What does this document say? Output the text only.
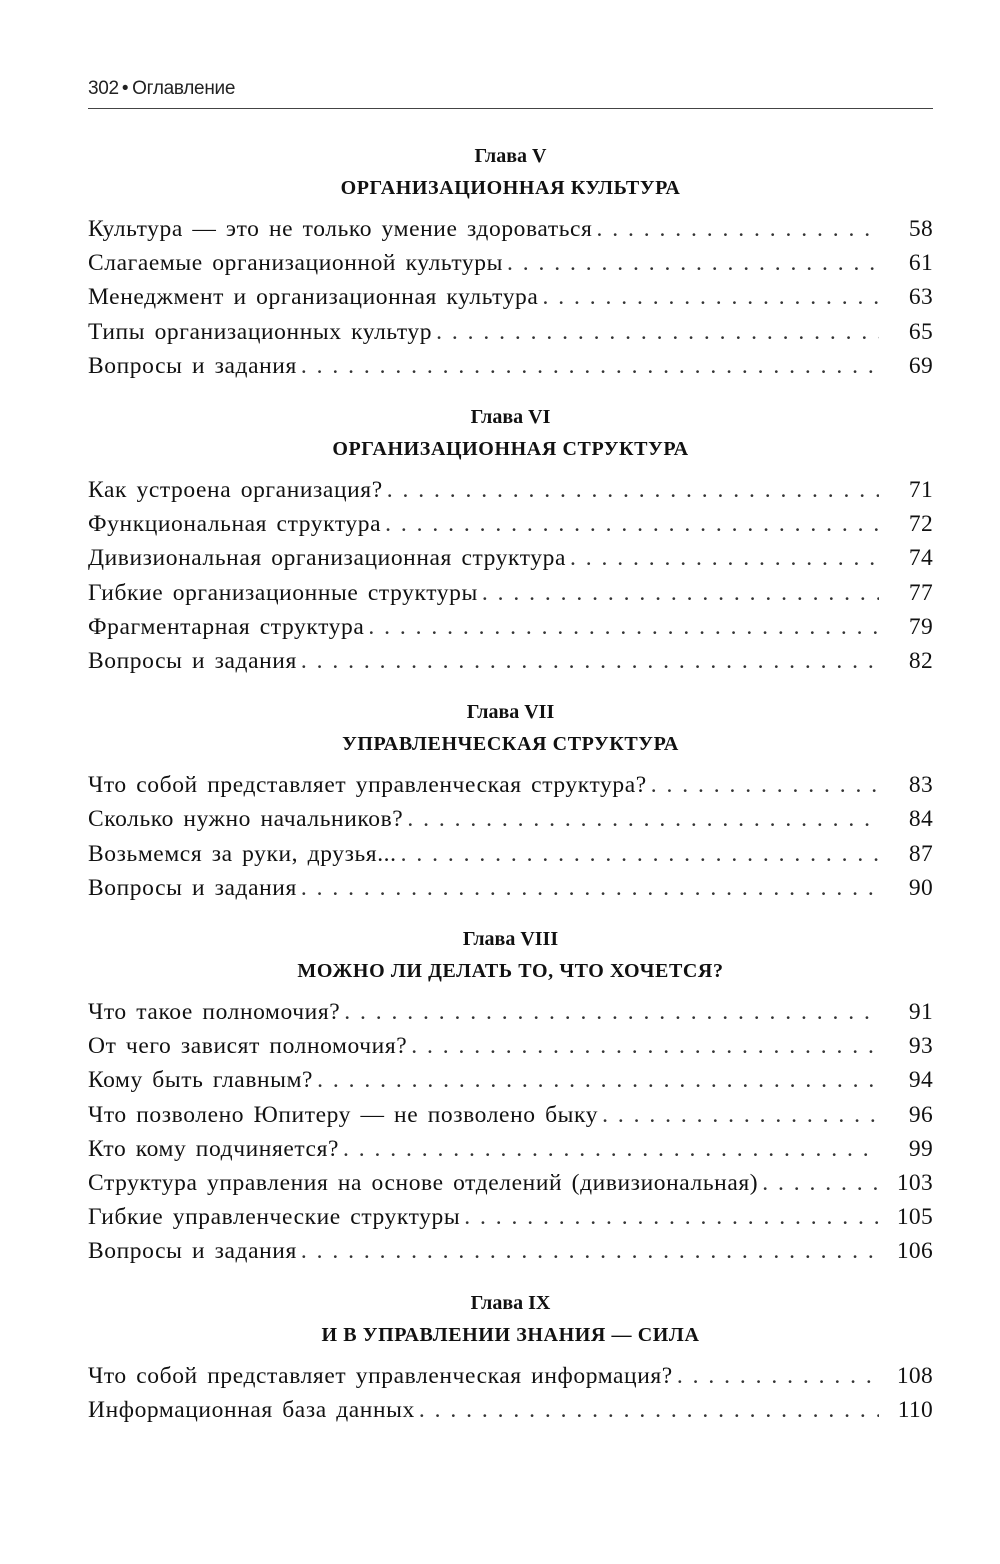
302 • Оглавление
Глава V
ОРГАНИЗАЦИОННАЯ КУЛЬТУРА
Культура — это не только умение здороваться . . .	58
Слагаемые организационной культуры . . .	61
Менеджмент и организационная культура . . .	63
Типы организационных культур . . .	65
Вопросы и задания . . .	69
Глава VI
ОРГАНИЗАЦИОННАЯ СТРУКТУРА
Как устроена организация? . . .	71
Функциональная структура . . .	72
Дивизиональная организационная структура . . .	74
Гибкие организационные структуры . . .	77
Фрагментарная структура . . .	79
Вопросы и задания . . .	82
Глава VII
УПРАВЛЕНЧЕСКАЯ СТРУКТУРА
Что собой представляет управленческая структура? . . .	83
Сколько нужно начальников? . . .	84
Возьмемся за руки, друзья... . . .	87
Вопросы и задания . . .	90
Глава VIII
МОЖНО ЛИ ДЕЛАТЬ ТО, ЧТО ХОЧЕТСЯ?
Что такое полномочия? . . .	91
От чего зависят полномочия? . . .	93
Кому быть главным? . . .	94
Что позволено Юпитеру — не позволено быку . . .	96
Кто кому подчиняется? . . .	99
Структура управления на основе отделений (дивизиональная) . . .	103
Гибкие управленческие структуры . . .	105
Вопросы и задания . . .	106
Глава IX
И В УПРАВЛЕНИИ ЗНАНИЯ — СИЛА
Что собой представляет управленческая информация? . . .	108
Информационная база данных . . .	110
